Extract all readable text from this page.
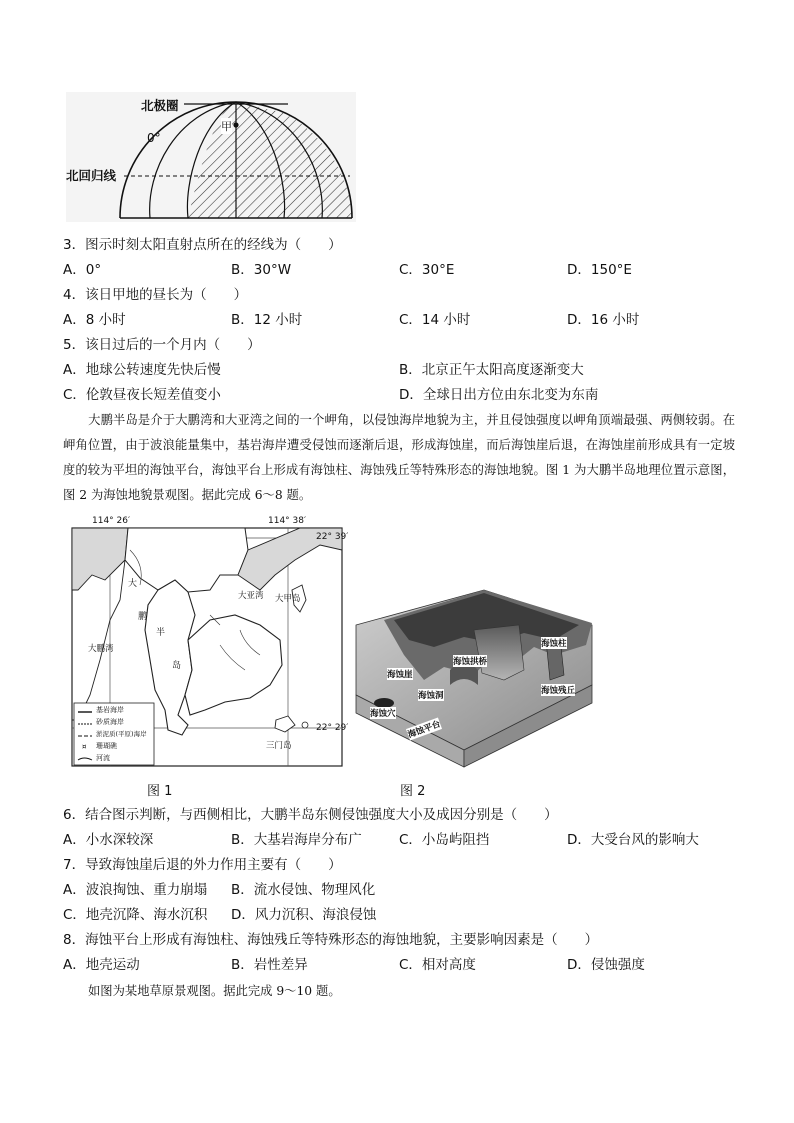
北极圈
0°
北回归线
甲
3．图示时刻太阳直射点所在的经线为（　　）
A．0°	B．30°W	C．30°E	D．150°E
4．该日甲地的昼长为（　　）
A．8 小时	B．12 小时	C．14 小时	D．16 小时
5．该日过后的一个月内（　　）
A．地球公转速度先快后慢	B．北京正午太阳高度逐渐变大
C．伦敦昼夜长短差值变小	D．全球日出方位由东北变为东南
大鹏半岛是介于大鹏湾和大亚湾之间的一个岬角，以侵蚀海岸地貌为主，并且侵蚀强度以岬角顶端最强、两侧较弱。在岬角位置，由于波浪能量集中，基岩海岸遭受侵蚀而逐渐后退，形成海蚀崖，而后海蚀崖后退，在海蚀崖前形成具有一定坡度的较为平坦的海蚀平台，海蚀平台上形成有海蚀柱、海蚀残丘等特殊形态的海蚀地貌。图 1 为大鹏半岛地理位置示意图，图 2 为海蚀地貌景观图。据此完成 6～8 题。
¤
114° 26′	114° 38′
22° 39′
22° 29′
大
鹏
半
岛
大鹏湾
大亚湾 大甲岛
三门岛
基岩海岸
砂质海岸
淤泥质(平原)海岸
珊瑚礁
河流
图 1
海蚀柱
海蚀拱桥
海蚀崖
海蚀洞
海蚀穴
海蚀平台
海蚀残丘
图 2
6．结合图示判断，与西侧相比，大鹏半岛东侧侵蚀强度大小及成因分别是（　　）
A．小水深较深	B．大基岩海岸分布广	C．小岛屿阻挡	D．大受台风的影响大
7．导致海蚀崖后退的外力作用主要有（　　）
A．波浪掏蚀、重力崩塌 B．流水侵蚀、物理风化
C．地壳沉降、海水沉积 D．风力沉积、海浪侵蚀
8．海蚀平台上形成有海蚀柱、海蚀残丘等特殊形态的海蚀地貌，主要影响因素是（　　）
A．地壳运动	B．岩性差异	C．相对高度	D．侵蚀强度
如图为某地草原景观图。据此完成 9～10 题。
